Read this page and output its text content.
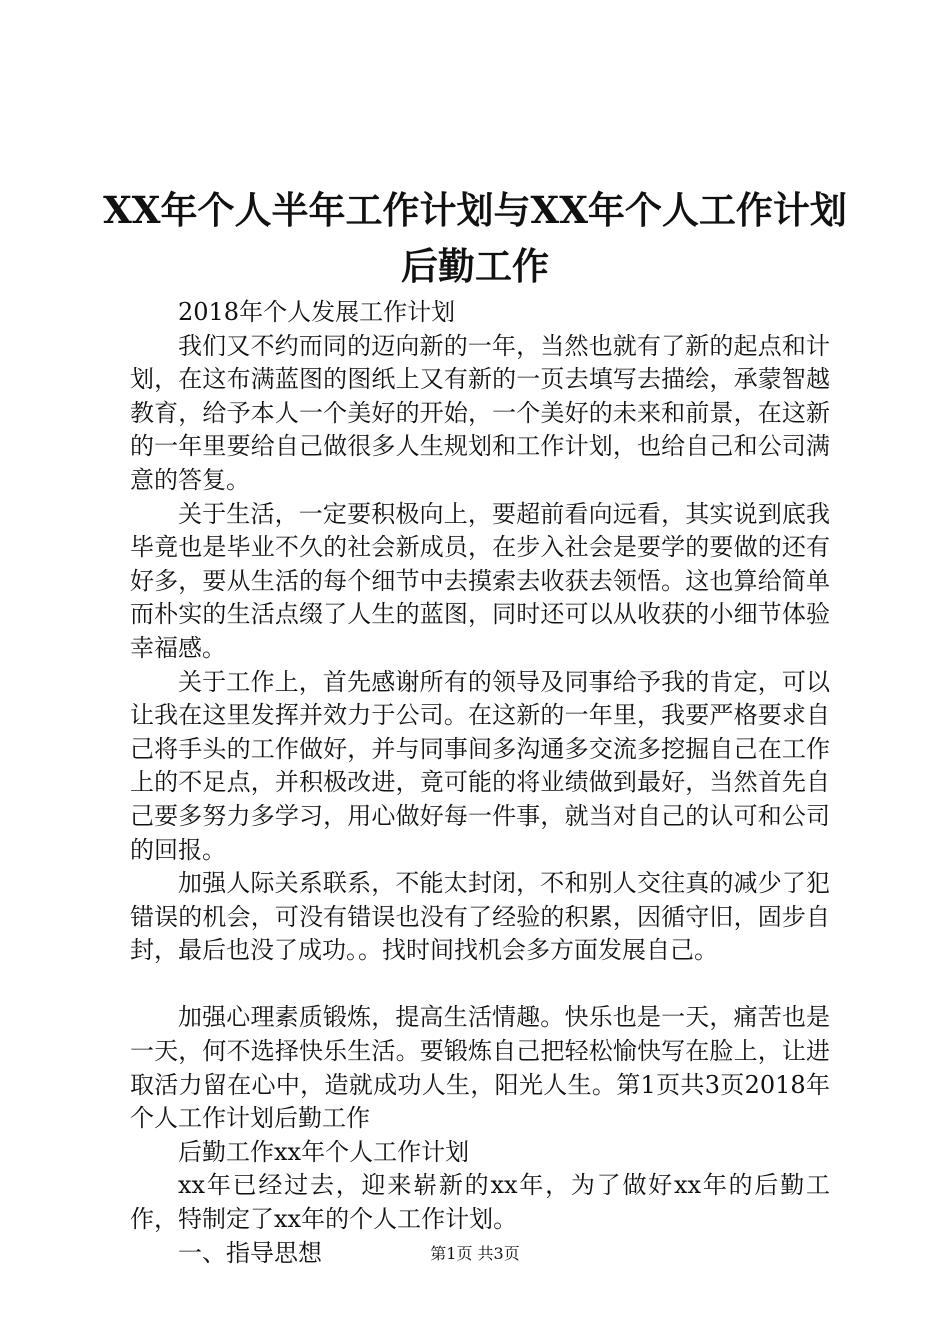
XX年个人半年工作计划与XX年个人工作计划
后勤工作

2018年个人发展工作计划

我们又不约而同的迈向新的一年，当然也就有了新的起点和计划，在这布满蓝图的图纸上又有新的一页去填写去描绘，承蒙智越教育，给予本人一个美好的开始，一个美好的未来和前景，在这新的一年里要给自己做很多人生规划和工作计划，也给自己和公司满意的答复。

关于生活，一定要积极向上，要超前看向远看，其实说到底我毕竟也是毕业不久的社会新成员，在步入社会是要学的要做的还有好多，要从生活的每个细节中去摸索去收获去领悟。这也算给简单而朴实的生活点缀了人生的蓝图，同时还可以从收获的小细节体验幸福感。

关于工作上，首先感谢所有的领导及同事给予我的肯定，可以让我在这里发挥并效力于公司。在这新的一年里，我要严格要求自己将手头的工作做好，并与同事间多沟通多交流多挖掘自己在工作上的不足点，并积极改进，竟可能的将业绩做到最好，当然首先自己要多努力多学习，用心做好每一件事，就当对自己的认可和公司的回报。

加强人际关系联系，不能太封闭，不和别人交往真的减少了犯错误的机会，可没有错误也没有了经验的积累，因循守旧，固步自封，最后也没了成功。。找时间找机会多方面发展自己。

加强心理素质锻炼，提高生活情趣。快乐也是一天，痛苦也是一天，何不选择快乐生活。要锻炼自己把轻松愉快写在脸上，让进取活力留在心中，造就成功人生，阳光人生。第1页共3页2018年个人工作计划后勤工作

后勤工作xx年个人工作计划

xx年已经过去，迎来崭新的xx年，为了做好xx年的后勤工作，特制定了xx年的个人工作计划。

一、指导思想	第1页 共3页
